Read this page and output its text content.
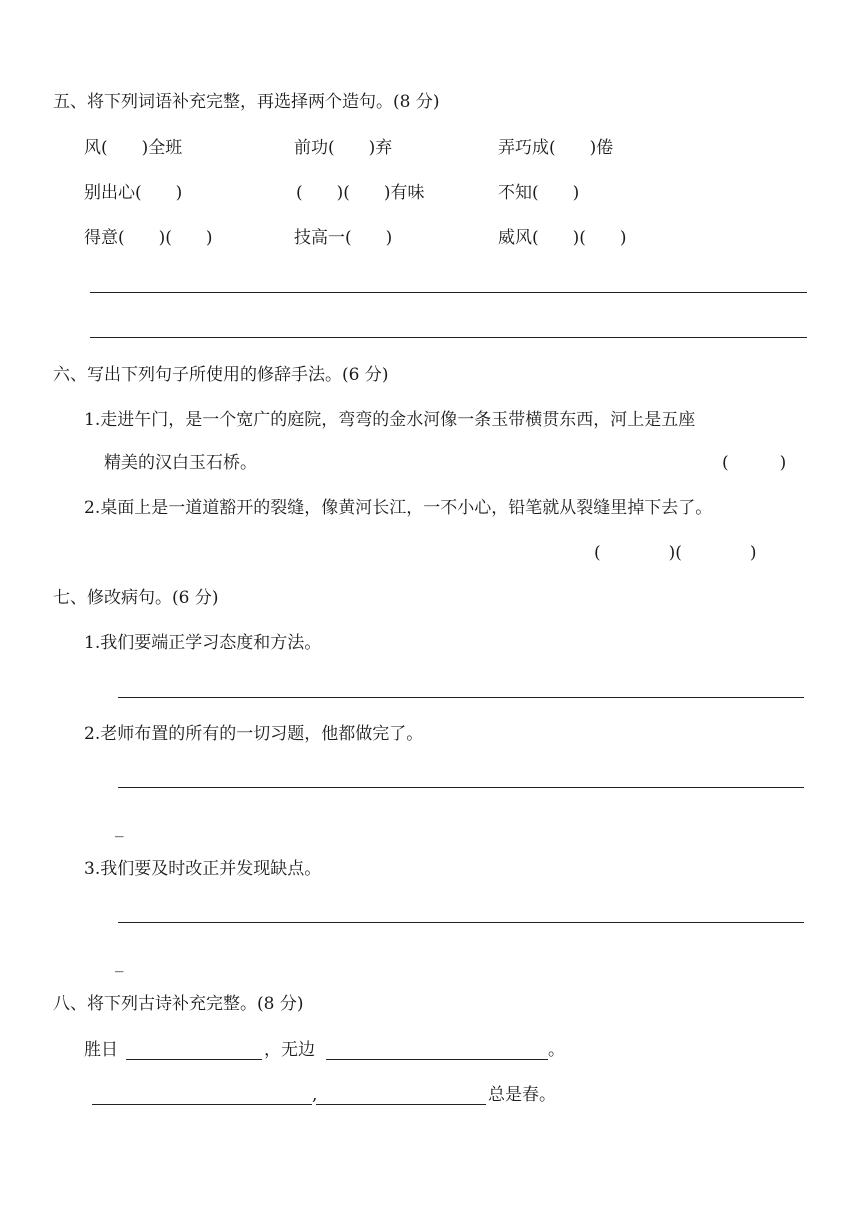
五、将下列词语补充完整，再选择两个造句。(8 分)
风(　　)全班	前功(　　)弃	弄巧成(　　)倦
别出心(　　)	(　　)(　　)有味	不知(　　)
得意(　　)(　　)	技高一(　　)	威风(　　)(　　)
六、写出下列句子所使用的修辞手法。(6 分)
1.走进午门，是一个宽广的庭院，弯弯的金水河像一条玉带横贯东西，河上是五座
精美的汉白玉石桥。	(　　　)
2.桌面上是一道道豁开的裂缝，像黄河长江，一不小心，铅笔就从裂缝里掉下去了。
(　　　　)(　　　　)
七、修改病句。(6 分)
1.我们要端正学习态度和方法。
2.老师布置的所有的一切习题，他都做完了。
_
3.我们要及时改正并发现缺点。
_
八、将下列古诗补充完整。(8 分)
胜日	，无边	。
,	总是春。
